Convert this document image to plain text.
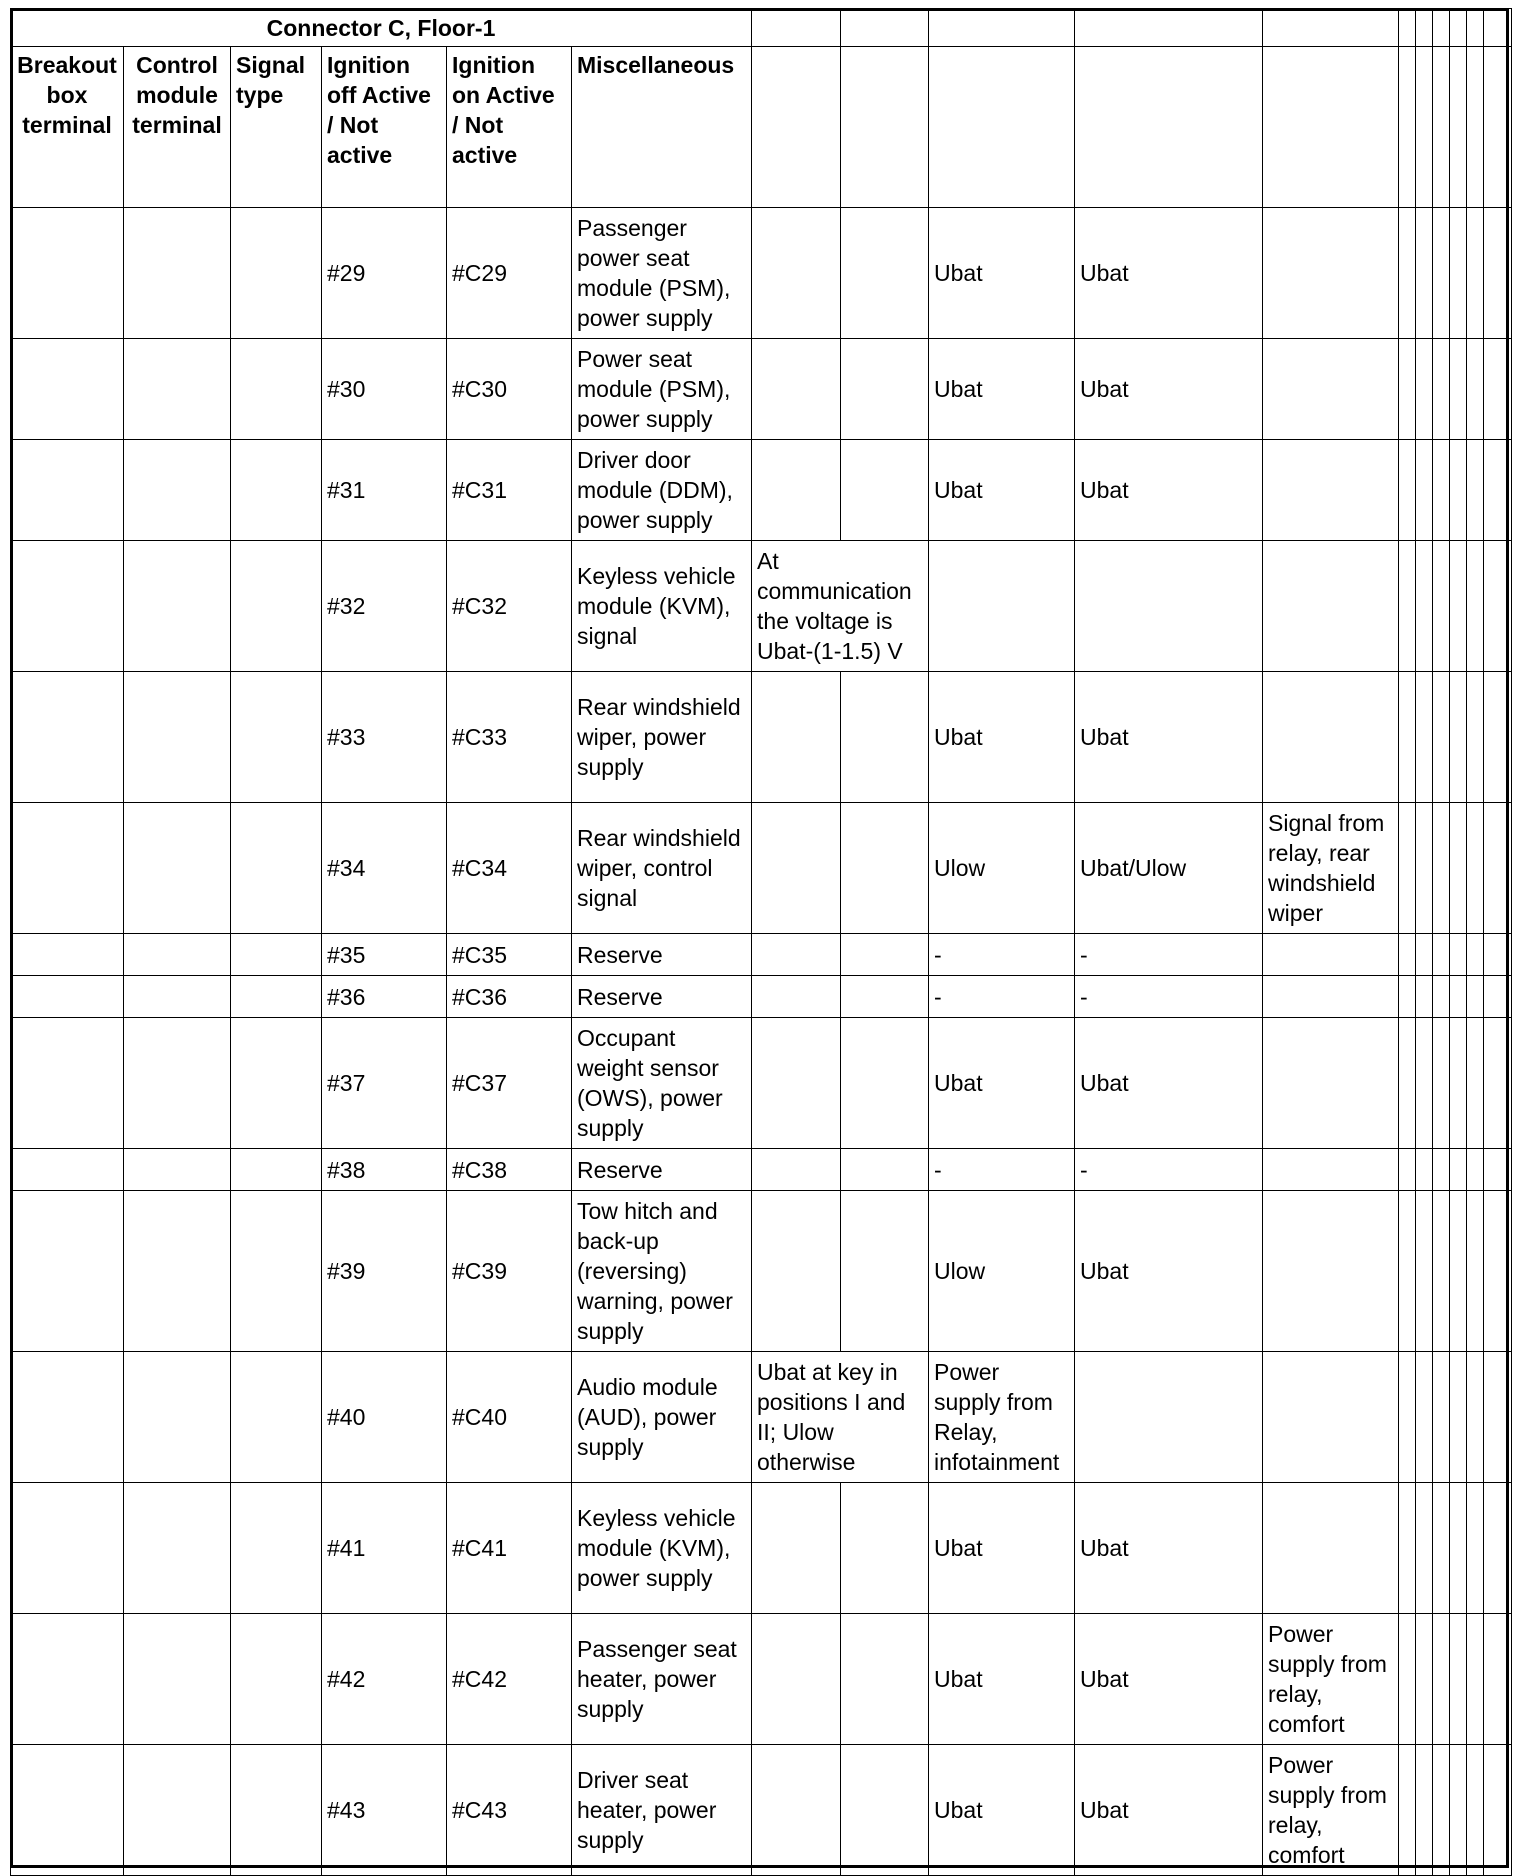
Connector C, Floor-1																
Breakout box terminal	Control module terminal	Signal type	Ignition off Active / Not active	Ignition on Active / Not active	Miscellaneous											
			#29	#C29	Passenger power seat module (PSM), power supply			Ubat	Ubat							
			#30	#C30	Power seat module (PSM), power supply			Ubat	Ubat							
			#31	#C31	Driver door module (DDM), power supply			Ubat	Ubat							
			#32	#C32	Keyless vehicle module (KVM), signal	At communication the voltage is Ubat-(1-1.5) V										
			#33	#C33	Rear windshield wiper, power supply			Ubat	Ubat							
			#34	#C34	Rear windshield wiper, control signal			Ulow	Ubat/Ulow	Signal from relay, rear windshield wiper						
			#35	#C35	Reserve			-	-							
			#36	#C36	Reserve			-	-							
			#37	#C37	Occupant weight sensor (OWS), power supply			Ubat	Ubat							
			#38	#C38	Reserve			-	-							
			#39	#C39	Tow hitch and back-up (reversing) warning, power supply			Ulow	Ubat							
			#40	#C40	Audio module (AUD), power supply	Ubat at key in positions I and II; Ulow otherwise		Power supply from Relay, infotainment								
			#41	#C41	Keyless vehicle module (KVM), power supply			Ubat	Ubat							
			#42	#C42	Passenger seat heater, power supply			Ubat	Ubat	Power supply from relay, comfort						
			#43	#C43	Driver seat heater, power supply			Ubat	Ubat	Power supply from relay, comfort						
